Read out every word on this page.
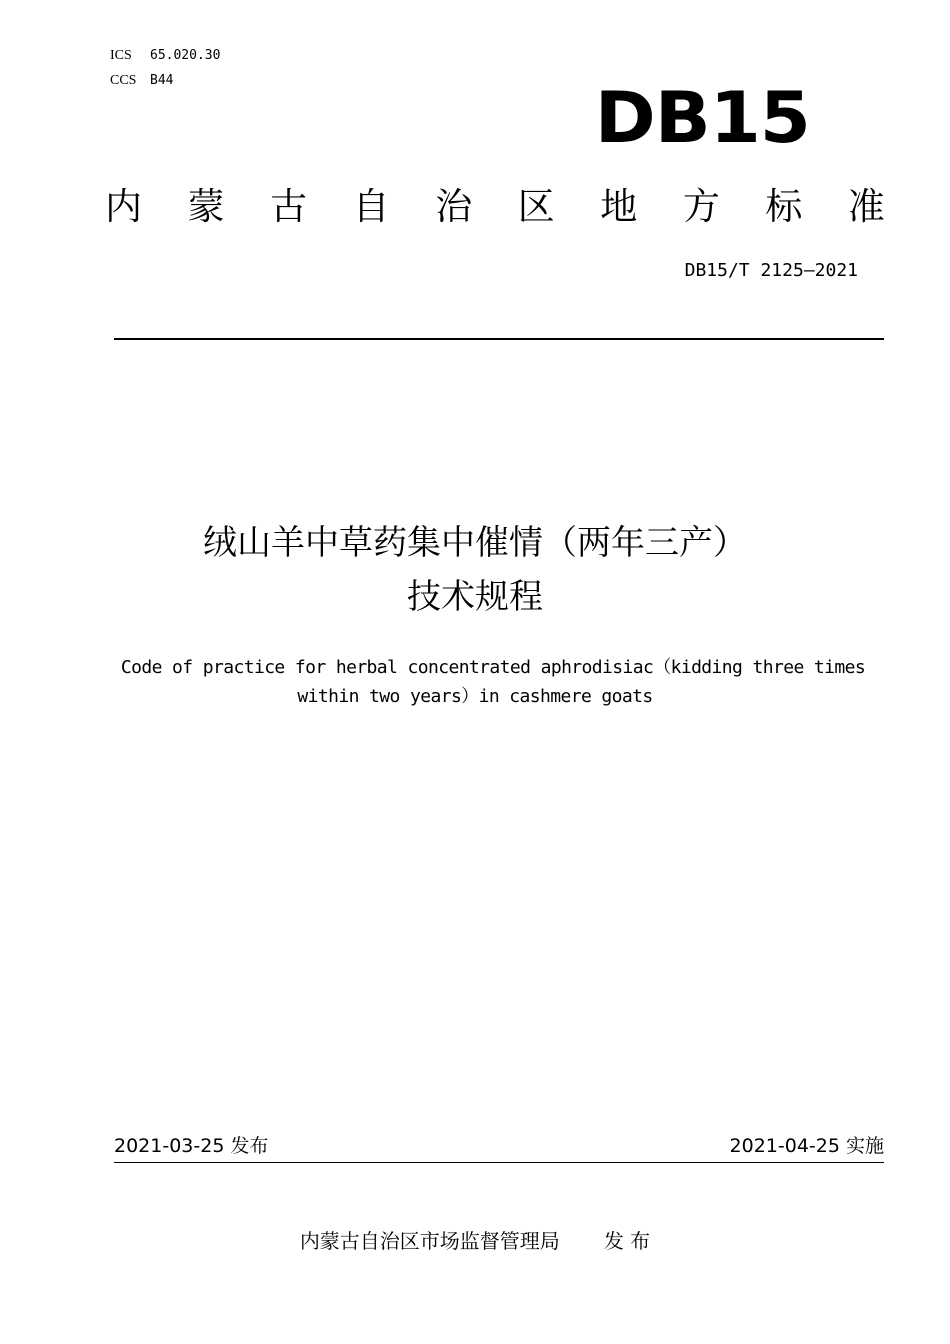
ICS 65.020.30
CCS B44	DB15
内 蒙 古 自 治 区 地 方 标 准
DB15/T 2125—2021
绒山羊中草药集中催情（两年三产）
技术规程
Code of practice for herbal concentrated aphrodisiac（kidding three times
within two years）in cashmere goats
2021-03-25 发布	2021-04-25 实施
内蒙古自治区市场监督管理局 发 布
